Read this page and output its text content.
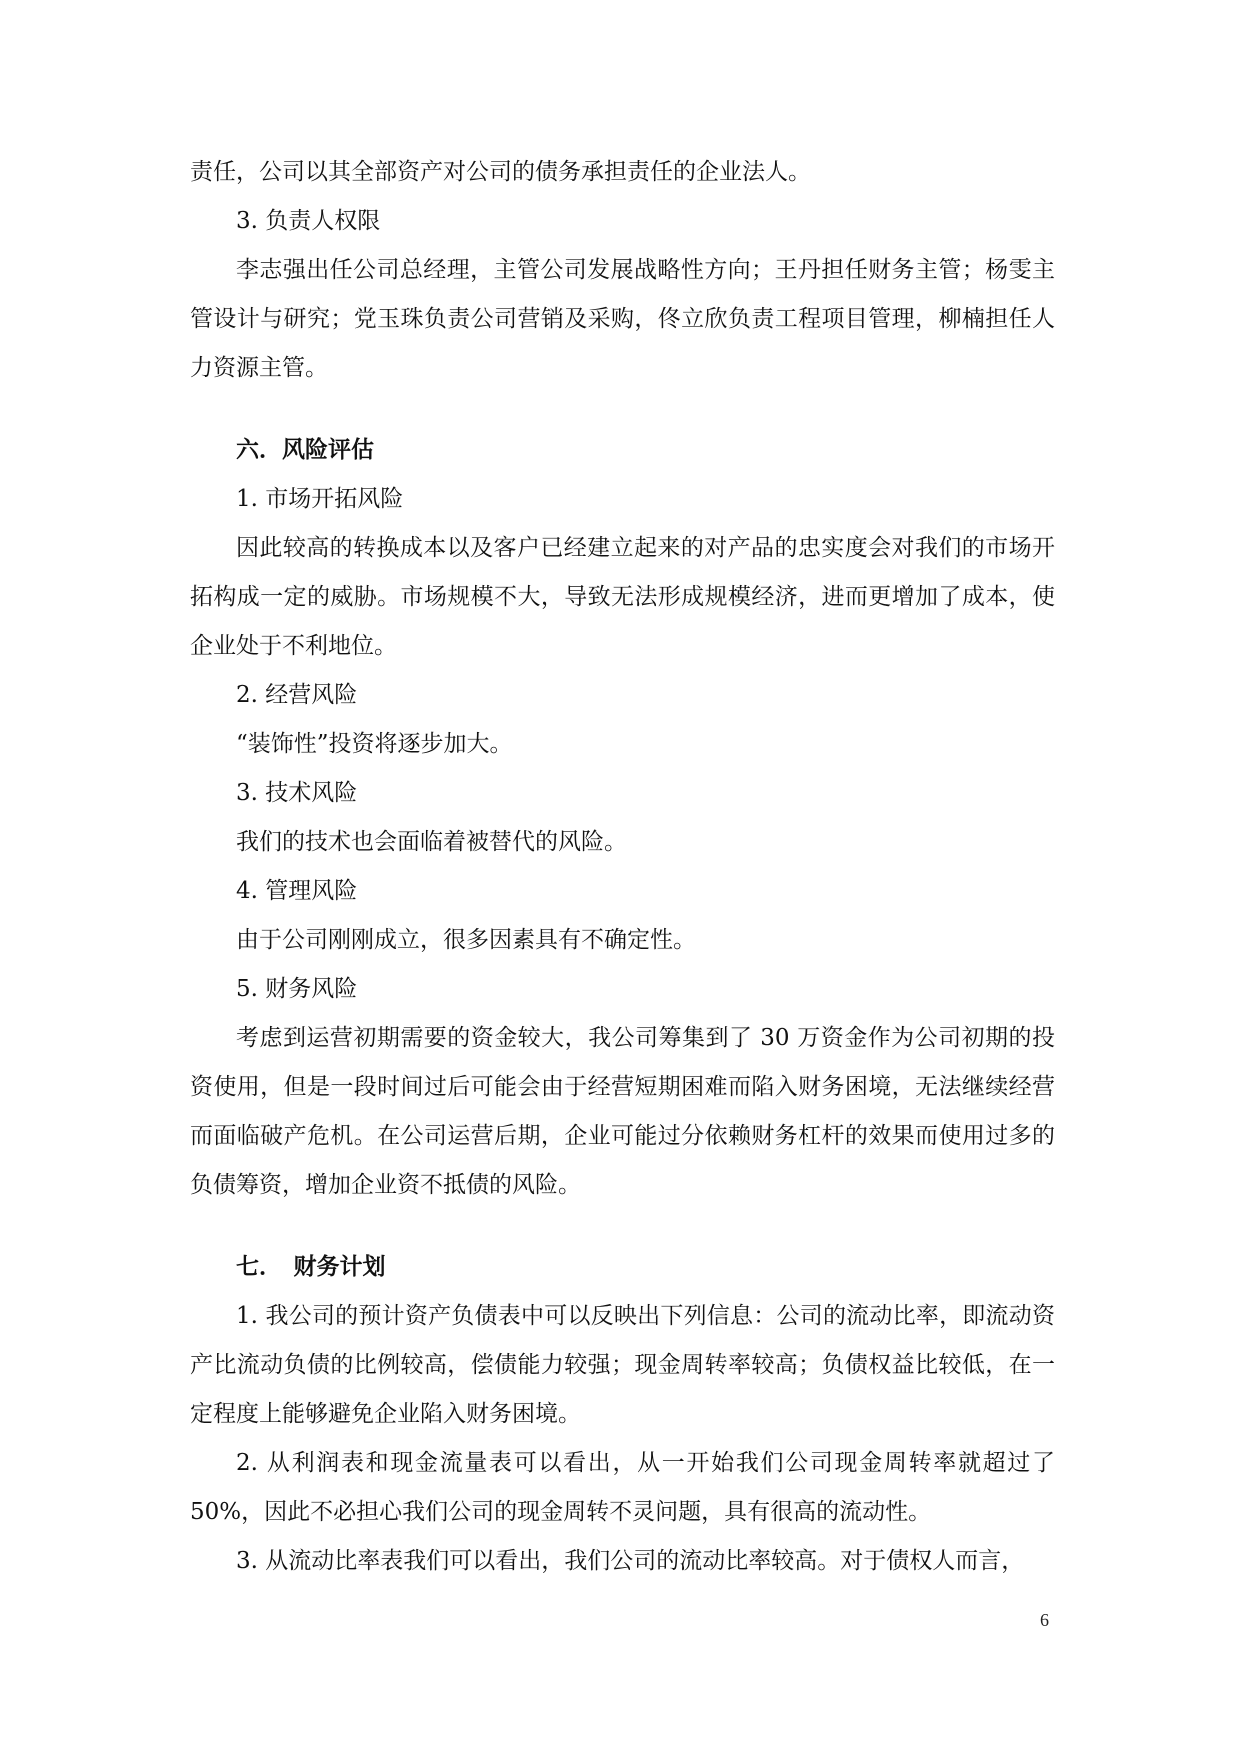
责任，公司以其全部资产对公司的债务承担责任的企业法人。

3. 负责人权限

李志强出任公司总经理，主管公司发展战略性方向；王丹担任财务主管；杨雯主管设计与研究；党玉珠负责公司营销及采购，佟立欣负责工程项目管理，柳楠担任人力资源主管。

六．风险评估

1. 市场开拓风险

因此较高的转换成本以及客户已经建立起来的对产品的忠实度会对我们的市场开拓构成一定的威胁。市场规模不大，导致无法形成规模经济，进而更增加了成本，使企业处于不利地位。

2. 经营风险

“装饰性”投资将逐步加大。

3. 技术风险

我们的技术也会面临着被替代的风险。

4. 管理风险

由于公司刚刚成立，很多因素具有不确定性。

5. 财务风险

考虑到运营初期需要的资金较大，我公司筹集到了 30 万资金作为公司初期的投资使用，但是一段时间过后可能会由于经营短期困难而陷入财务困境，无法继续经营而面临破产危机。在公司运营后期，企业可能过分依赖财务杠杆的效果而使用过多的负债筹资，增加企业资不抵债的风险。

七．　财务计划

1. 我公司的预计资产负债表中可以反映出下列信息：公司的流动比率，即流动资产比流动负债的比例较高，偿债能力较强；现金周转率较高；负债权益比较低，在一定程度上能够避免企业陷入财务困境。

2. 从利润表和现金流量表可以看出，从一开始我们公司现金周转率就超过了 50%，因此不必担心我们公司的现金周转不灵问题，具有很高的流动性。

3. 从流动比率表我们可以看出，我们公司的流动比率较高。对于债权人而言，

6
